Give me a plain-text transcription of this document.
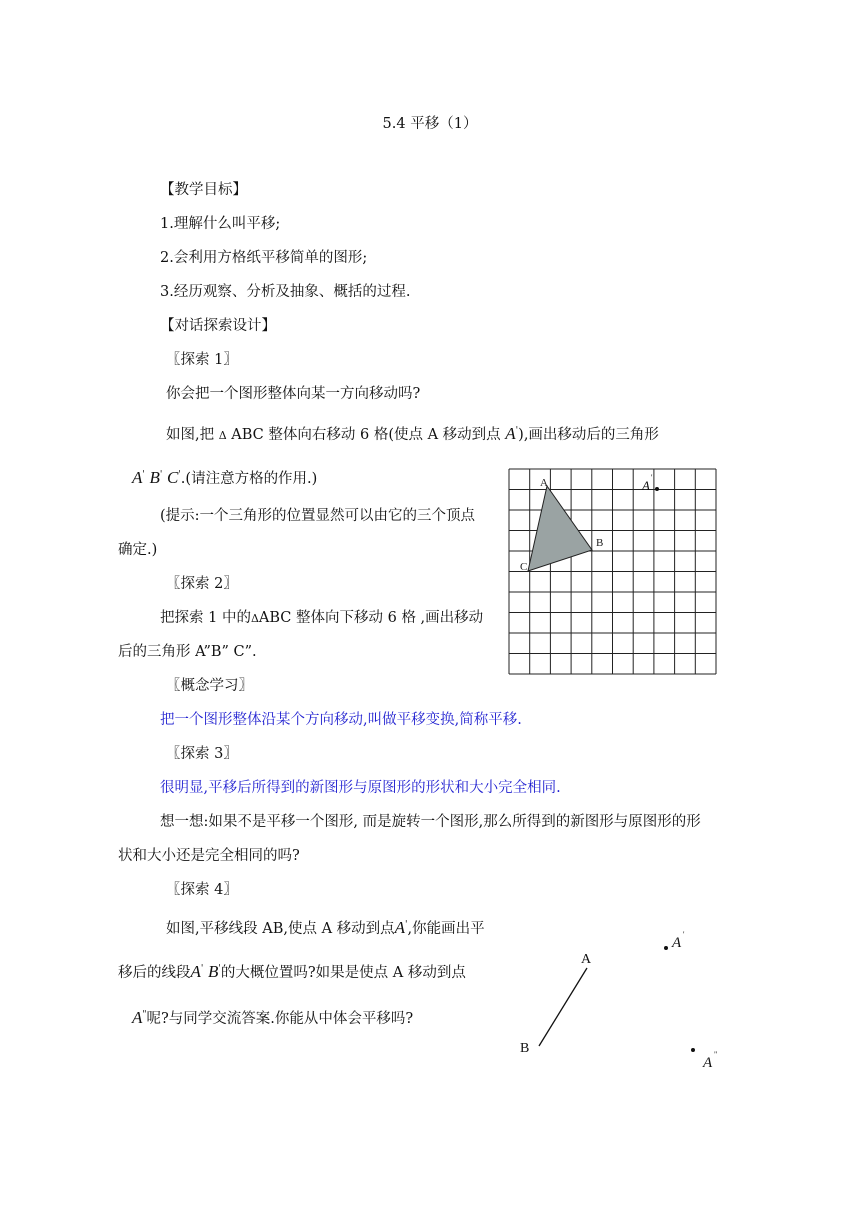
5.4 平移（1）
【教学目标】
1.理解什么叫平移;
2.会利用方格纸平移简单的图形;
3.经历观察、分析及抽象、概括的过程.
【对话探索设计】
〖探索 1〗
你会把一个图形整体向某一方向移动吗?
如图,把 Δ ABC 整体向右移动 6 格(使点 A 移动到点 A'),画出移动后的三角形
A' B' C'.(请注意方格的作用.)
(提示:一个三角形的位置显然可以由它的三个顶点
确定.)
〖探索 2〗
把探索 1 中的ΔABC 整体向下移动 6 格 ,画出移动
后的三角形 A”B” C”.
〖概念学习〗
把一个图形整体沿某个方向移动,叫做平移变换,简称平移.
〖探索 3〗
很明显,平移后所得到的新图形与原图形的形状和大小完全相同.
想一想:如果不是平移一个图形, 而是旋转一个图形,那么所得到的新图形与原图形的形
状和大小还是完全相同的吗?
〖探索 4〗
如图,平移线段 AB,使点 A 移动到点A',你能画出平
移后的线段A' B'的大概位置吗?如果是使点 A 移动到点
A"呢?与同学交流答案.你能从中体会平移吗?
A
B
C
A
'
A
B
A
'
A
"
